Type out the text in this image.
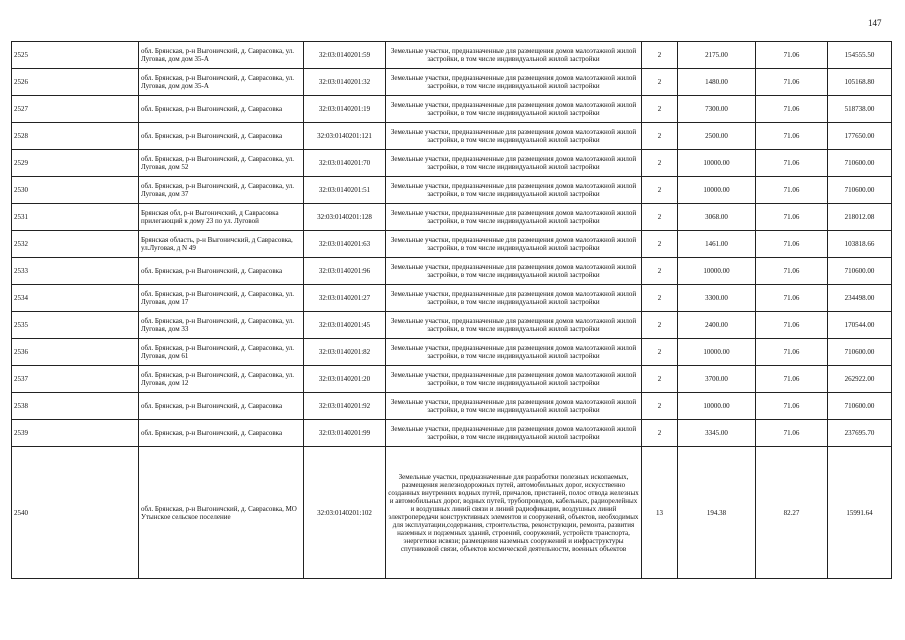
147
2525	обл. Брянская, р-н Выгоничский, д. Саврасовка, ул. Луговая, дом дом 35-А	32:03:0140201:59	Земельные участки, предназначенные для размещения домов малоэтажной жилой застройки, в том числе индивидуальной жилой застройки	2	2175.00	71.06	154555.50
2526	обл. Брянская, р-н Выгоничский, д. Саврасовка, ул. Луговая, дом дом 35-А	32:03:0140201:32	Земельные участки, предназначенные для размещения домов малоэтажной жилой застройки, в том числе индивидуальной жилой застройки	2	1480.00	71.06	105168.80
2527	обл. Брянская, р-н Выгоничский, д. Саврасовка	32:03:0140201:19	Земельные участки, предназначенные для размещения домов малоэтажной жилой застройки, в том числе индивидуальной жилой застройки	2	7300.00	71.06	518738.00
2528	обл. Брянская, р-н Выгоничский, д. Саврасовка	32:03:0140201:121	Земельные участки, предназначенные для размещения домов малоэтажной жилой застройки, в том числе индивидуальной жилой застройки	2	2500.00	71.06	177650.00
2529	обл. Брянская, р-н Выгоничский, д. Саврасовка, ул. Луговая, дом 52	32:03:0140201:70	Земельные участки, предназначенные для размещения домов малоэтажной жилой застройки, в том числе индивидуальной жилой застройки	2	10000.00	71.06	710600.00
2530	обл. Брянская, р-н Выгоничский, д. Саврасовка, ул. Луговая, дом 37	32:03:0140201:51	Земельные участки, предназначенные для размещения домов малоэтажной жилой застройки, в том числе индивидуальной жилой застройки	2	10000.00	71.06	710600.00
2531	Брянская обл, р-н Выгоничский, д Саврасовка прилегающий к дому 23 по ул. Луговой	32:03:0140201:128	Земельные участки, предназначенные для размещения домов малоэтажной жилой застройки, в том числе индивидуальной жилой застройки	2	3068.00	71.06	218012.08
2532	Брянская область, р-н Выгоничский, д Саврасовка, ул.Луговая, д N 49	32:03:0140201:63	Земельные участки, предназначенные для размещения домов малоэтажной жилой застройки, в том числе индивидуальной жилой застройки	2	1461.00	71.06	103818.66
2533	обл. Брянская, р-н Выгоничский, д. Саврасовка	32:03:0140201:96	Земельные участки, предназначенные для размещения домов малоэтажной жилой застройки, в том числе индивидуальной жилой застройки	2	10000.00	71.06	710600.00
2534	обл. Брянская, р-н Выгоничский, д. Саврасовка, ул. Луговая, дом 17	32:03:0140201:27	Земельные участки, предназначенные для размещения домов малоэтажной жилой застройки, в том числе индивидуальной жилой застройки	2	3300.00	71.06	234498.00
2535	обл. Брянская, р-н Выгоничский, д. Саврасовка, ул. Луговая, дом 33	32:03:0140201:45	Земельные участки, предназначенные для размещения домов малоэтажной жилой застройки, в том числе индивидуальной жилой застройки	2	2400.00	71.06	170544.00
2536	обл. Брянская, р-н Выгоничский, д. Саврасовка, ул. Луговая, дом 61	32:03:0140201:82	Земельные участки, предназначенные для размещения домов малоэтажной жилой застройки, в том числе индивидуальной жилой застройки	2	10000.00	71.06	710600.00
2537	обл. Брянская, р-н Выгоничский, д. Саврасовка, ул. Луговая, дом 12	32:03:0140201:20	Земельные участки, предназначенные для размещения домов малоэтажной жилой застройки, в том числе индивидуальной жилой застройки	2	3700.00	71.06	262922.00
2538	обл. Брянская, р-н Выгоничский, д. Саврасовка	32:03:0140201:92	Земельные участки, предназначенные для размещения домов малоэтажной жилой застройки, в том числе индивидуальной жилой застройки	2	10000.00	71.06	710600.00
2539	обл. Брянская, р-н Выгоничский, д. Саврасовка	32:03:0140201:99	Земельные участки, предназначенные для размещения домов малоэтажной жилой застройки, в том числе индивидуальной жилой застройки	2	3345.00	71.06	237695.70
2540	обл. Брянская, р-н Выгоничский, д. Саврасовка, МО Утынское сельское поселение	32:03:0140201:102	Земельные участки, предназначенные для разработки полезных ископаемых, размещения железнодорожных путей, автомобильных дорог, искусственно созданных внутренних водных путей, причалов, пристаней, полос отвода железных и автомобильных дорог, водных путей, трубопроводов, кабельных, радиорелейных и воздушных линий связи и линий радиофикации, воздушных линий электропередачи конструктивных элементов и сооружений, объектов, необходимых для эксплуатации,содержания, строительства, реконструкции, ремонта, развития наземных и подземных зданий, строений, сооружений, устройств транспорта, энергетики исвязи; размещения наземных сооружений и инфраструктуры спутниковой связи, объектов космической деятельности, военных объектов	13	194.38	82.27	15991.64
